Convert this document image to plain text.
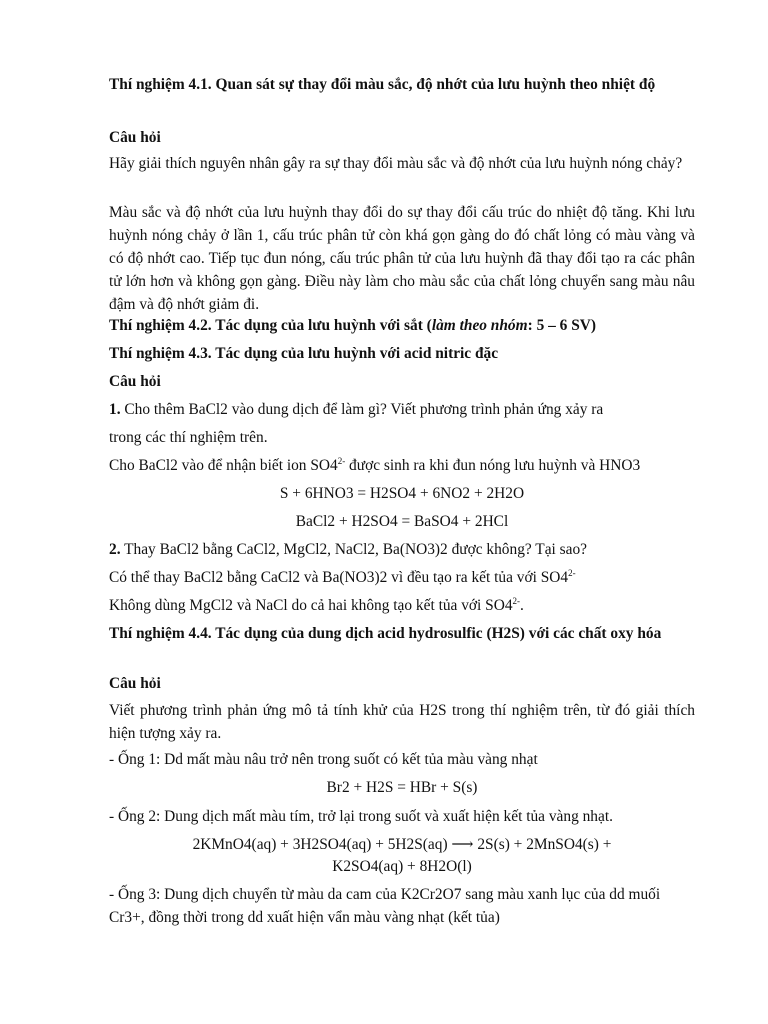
Thí nghiệm 4.1. Quan sát sự thay đổi màu sắc, độ nhớt của lưu huỳnh theo nhiệt độ

Câu hỏi

Hãy giải thích nguyên nhân gây ra sự thay đổi màu sắc và độ nhớt của lưu huỳnh nóng chảy?

Màu sắc và độ nhớt của lưu huỳnh thay đổi do sự thay đổi cấu trúc do nhiệt độ tăng. Khi lưu huỳnh nóng chảy ở lần 1, cấu trúc phân tử còn khá gọn gàng do đó chất lỏng có màu vàng và có độ nhớt cao. Tiếp tục đun nóng, cấu trúc phân tử của lưu huỳnh đã thay đổi tạo ra các phân tử lớn hơn và không gọn gàng. Điều này làm cho màu sắc của chất lỏng chuyển sang màu nâu đậm và độ nhớt giảm đi.

Thí nghiệm 4.2. Tác dụng của lưu huỳnh với sắt (làm theo nhóm: 5 – 6 SV)

Thí nghiệm 4.3. Tác dụng của lưu huỳnh với acid nitric đặc

Câu hỏi

1. Cho thêm BaCl2 vào dung dịch để làm gì? Viết phương trình phản ứng xảy ra

trong các thí nghiệm trên.

Cho BaCl2 vào để nhận biết ion $SO4^{2-}$ được sinh ra khi đun nóng lưu huỳnh và HNO3

S + 6HNO3 = H2SO4 + 6NO2 + 2H2O

BaCl2 + H2SO4 = BaSO4 + 2HCl

2. Thay BaCl2 bằng CaCl2, MgCl2, NaCl2, Ba(NO3)2 được không? Tại sao?

Có thể thay BaCl2 bằng CaCl2 và Ba(NO3)2 vì đều tạo ra kết tủa với $SO4^{2-}$

Không dùng MgCl2 và NaCl do cả hai không tạo kết tủa với $SO4^{2-}$.

Thí nghiệm 4.4. Tác dụng của dung dịch acid hydrosulfic (H2S) với các chất oxy hóa

Câu hỏi

Viết phương trình phản ứng mô tả tính khử của H2S trong thí nghiệm trên, từ đó giải thích hiện tượng xảy ra.

- Ống 1: Dd mất màu nâu trở nên trong suốt có kết tủa màu vàng nhạt

Br2 + H2S = HBr + S(s)

- Ống 2: Dung dịch mất màu tím, trở lại trong suốt và xuất hiện kết tủa vàng nhạt.

2KMnO4(aq) + 3H2SO4(aq) + 5H2S(aq) ⟶ 2S(s) + 2MnSO4(s) +

K2SO4(aq) + 8H2O(l)

- Ống 3: Dung dịch chuyển từ màu da cam của K2Cr2O7 sang màu xanh lục của dd muối Cr3+, đồng thời trong dd xuất hiện vẩn màu vàng nhạt (kết tủa)
